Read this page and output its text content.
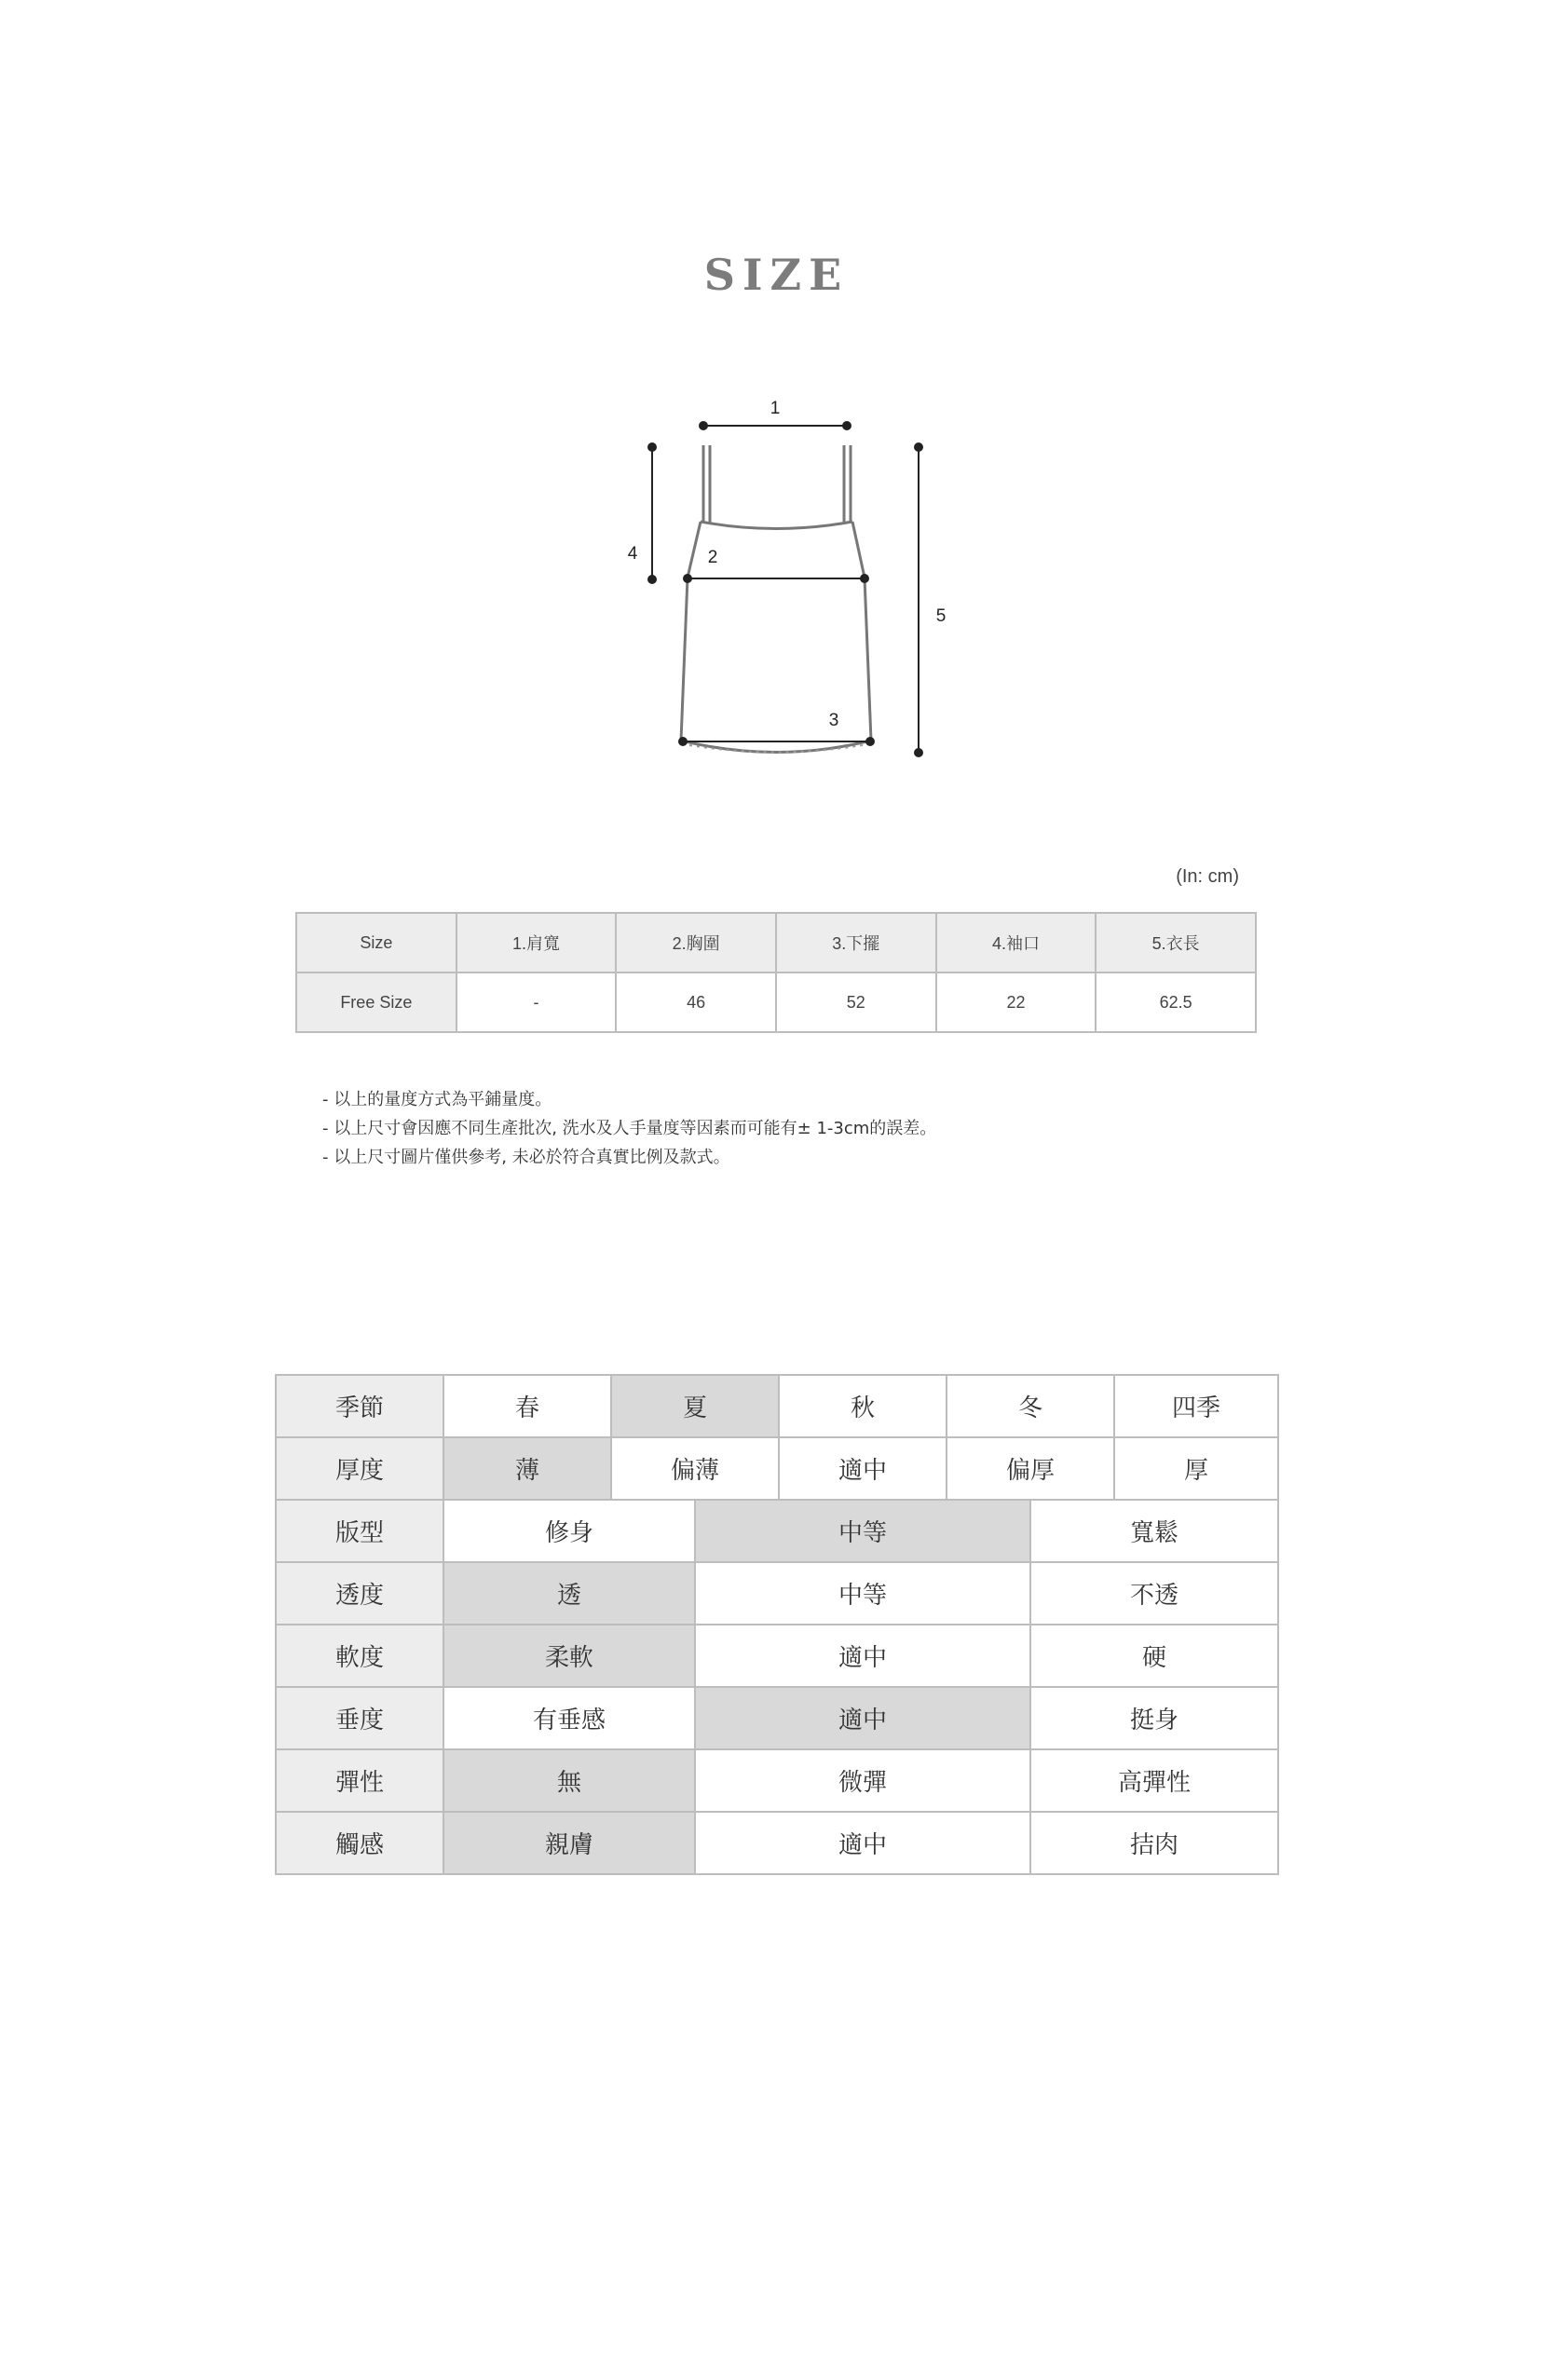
SIZE
1
2
3
4
5
(In: cm)
Size	1.肩寬	2.胸圍	3.下擺	4.袖口	5.衣長
Free Size	-	46	52	22	62.5
- 以上的量度方式為平鋪量度。
- 以上尺寸會因應不同生產批次, 洗水及人手量度等因素而可能有± 1-3cm的誤差。
- 以上尺寸圖片僅供參考, 未必於符合真實比例及款式。
季節	春	夏		秋	冬		四季
厚度	薄	偏薄		適中	偏厚		厚
版型	修身		中等			寬鬆	
透度	透		中等			不透	
軟度	柔軟		適中			硬	
垂度	有垂感		適中			挺身	
彈性	無		微彈			高彈性	
觸感	親膚		適中			拮肉	
